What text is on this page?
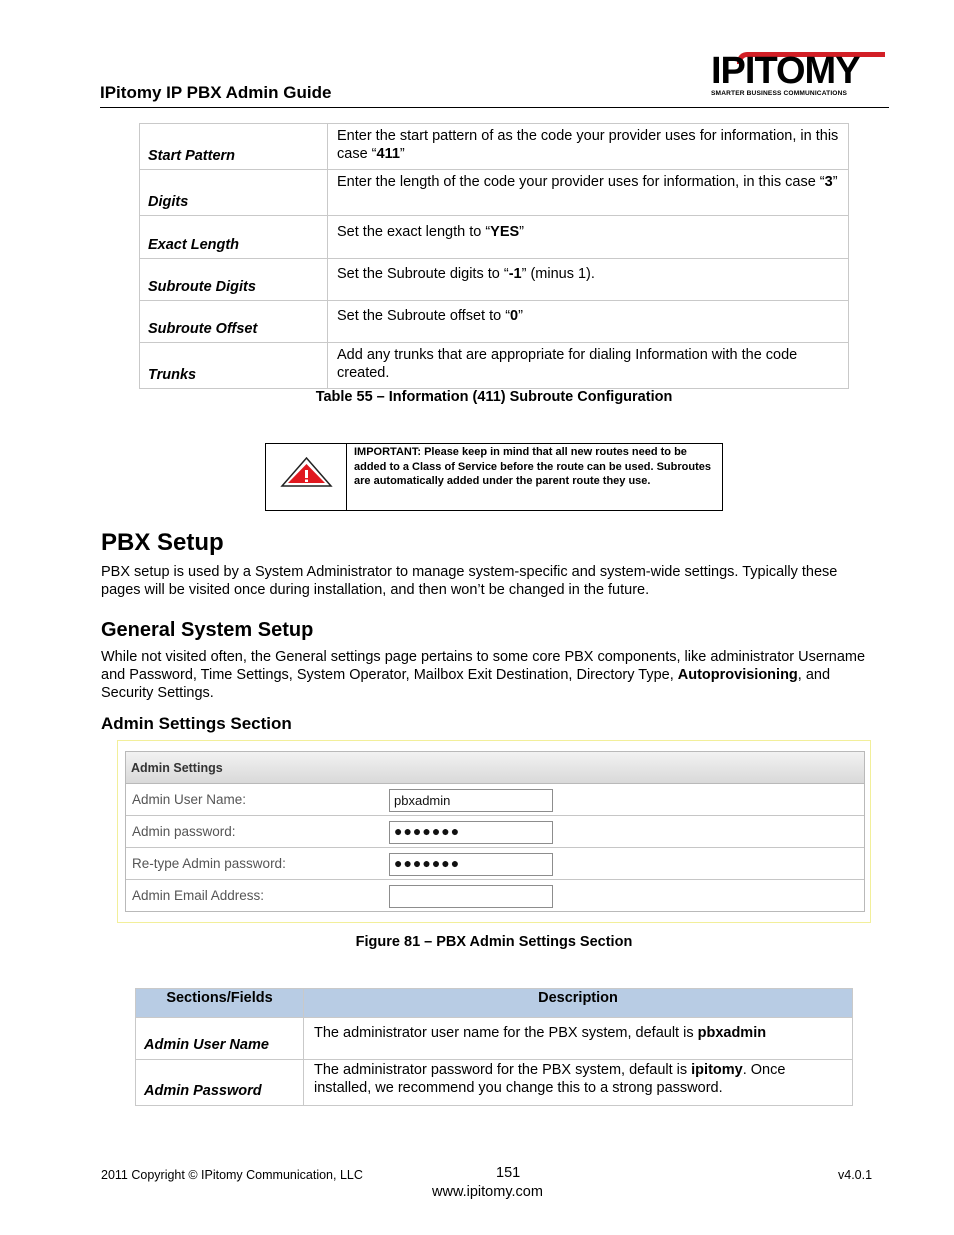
IPitomy IP PBX Admin Guide
IPITOMY
SMARTER BUSINESS COMMUNICATIONS
Start Pattern	Enter the start pattern of as the code your provider uses for information, in this case “411”
Digits	Enter the length of the code your provider uses for information, in this case “3”
Exact Length	Set the exact length to “YES”
Subroute Digits	Set the Subroute digits to “-1” (minus 1).
Subroute Offset	Set the Subroute offset to “0”
Trunks	Add any trunks that are appropriate for dialing Information with the code created.
Table 55 – Information (411) Subroute Configuration
IMPORTANT: Please keep in mind that all new routes need to be added to a Class of Service before the route can be used. Subroutes are automatically added under the parent route they use.
PBX Setup
PBX setup is used by a System Administrator to manage system-specific and system-wide settings. Typically these pages will be visited once during installation, and then won’t be changed in the future.
General System Setup
While not visited often, the General settings page pertains to some core PBX components, like administrator Username and Password, Time Settings, System Operator, Mailbox Exit Destination, Directory Type, Autoprovisioning, and Security Settings.
Admin Settings Section
Admin Settings
Admin User Name:	pbxadmin
Admin password:	●●●●●●●
Re-type Admin password:	●●●●●●●
Admin Email Address:
Figure 81 – PBX Admin Settings Section
Sections/Fields	Description
Admin User Name	The administrator user name for the PBX system, default is pbxadmin
Admin Password	The administrator password for the PBX system, default is ipitomy. Once installed, we recommend you change this to a strong password.
2011 Copyright © IPitomy Communication, LLC	151
www.ipitomy.com
v4.0.1
